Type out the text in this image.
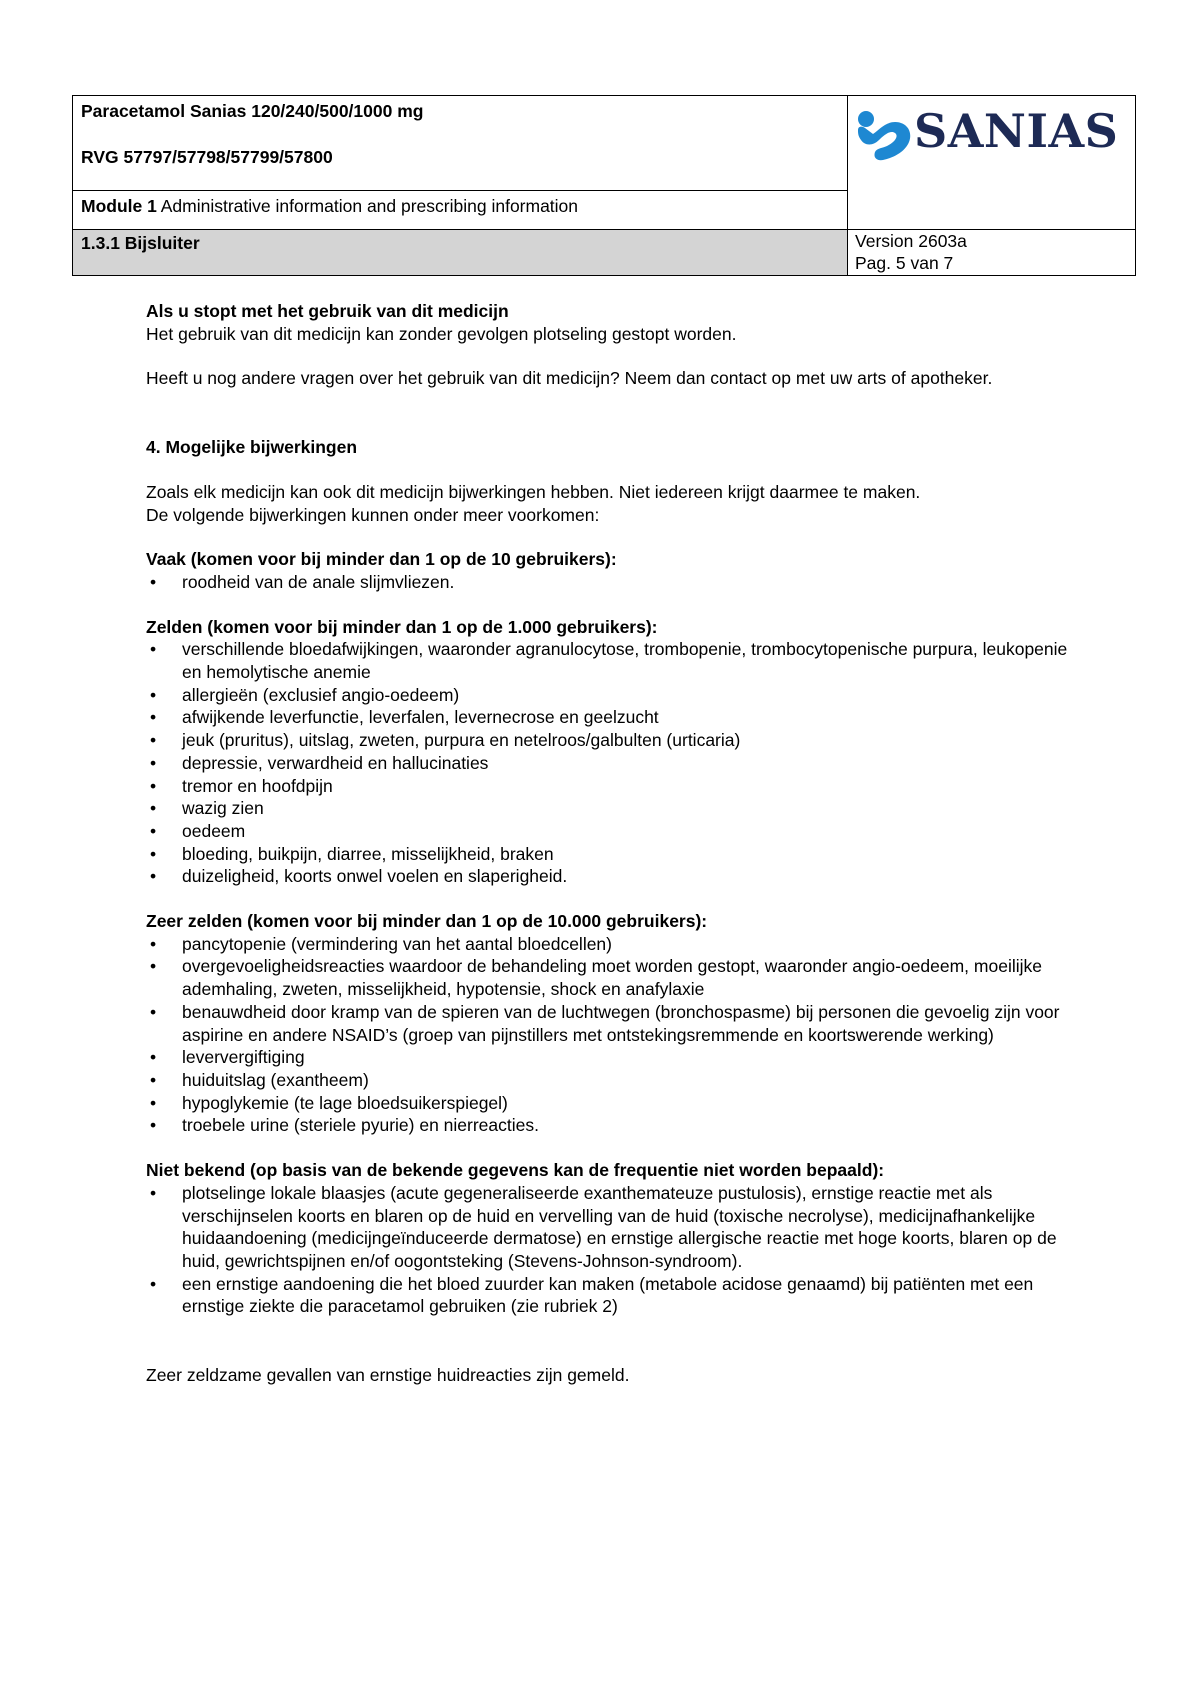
Paracetamol Sanias 120/240/500/1000 mg
RVG 57797/57798/57799/57800	SANIAS
Module 1 Administrative information and prescribing information
1.3.1 Bijsluiter	Version 2603a
Pag. 5 van 7

Als u stopt met het gebruik van dit medicijn

Het gebruik van dit medicijn kan zonder gevolgen plotseling gestopt worden.

Heeft u nog andere vragen over het gebruik van dit medicijn? Neem dan contact op met uw arts of apotheker.

4. Mogelijke bijwerkingen

Zoals elk medicijn kan ook dit medicijn bijwerkingen hebben. Niet iedereen krijgt daarmee te maken.

De volgende bijwerkingen kunnen onder meer voorkomen:

Vaak (komen voor bij minder dan 1 op de 10 gebruikers):

• roodheid van de anale slijmvliezen.

Zelden (komen voor bij minder dan 1 op de 1.000 gebruikers):

• verschillende bloedafwijkingen, waaronder agranulocytose, trombopenie, trombocytopenische purpura, leukopenie en hemolytische anemie
• allergieën (exclusief angio-oedeem)
• afwijkende leverfunctie, leverfalen, levernecrose en geelzucht
• jeuk (pruritus), uitslag, zweten, purpura en netelroos/galbulten (urticaria)
• depressie, verwardheid en hallucinaties
• tremor en hoofdpijn
• wazig zien
• oedeem
• bloeding, buikpijn, diarree, misselijkheid, braken
• duizeligheid, koorts onwel voelen en slaperigheid.

Zeer zelden (komen voor bij minder dan 1 op de 10.000 gebruikers):

• pancytopenie (vermindering van het aantal bloedcellen)
• overgevoeligheidsreacties waardoor de behandeling moet worden gestopt, waaronder angio-oedeem, moeilijke ademhaling, zweten, misselijkheid, hypotensie, shock en anafylaxie
• benauwdheid door kramp van de spieren van de luchtwegen (bronchospasme) bij personen die gevoelig zijn voor aspirine en andere NSAID’s (groep van pijnstillers met ontstekingsremmende en koortswerende werking)
• leververgiftiging
• huiduitslag (exantheem)
• hypoglykemie (te lage bloedsuikerspiegel)
• troebele urine (steriele pyurie) en nierreacties.

Niet bekend (op basis van de bekende gegevens kan de frequentie niet worden bepaald):

• plotselinge lokale blaasjes (acute gegeneraliseerde exanthemateuze pustulosis), ernstige reactie met als verschijnselen koorts en blaren op de huid en vervelling van de huid (toxische necrolyse), medicijnafhankelijke huidaandoening (medicijngeïnduceerde dermatose) en ernstige allergische reactie met hoge koorts, blaren op de huid, gewrichtspijnen en/of oogontsteking (Stevens-Johnson-syndroom).
• een ernstige aandoening die het bloed zuurder kan maken (metabole acidose genaamd) bij patiënten met een ernstige ziekte die paracetamol gebruiken (zie rubriek 2)

Zeer zeldzame gevallen van ernstige huidreacties zijn gemeld.
